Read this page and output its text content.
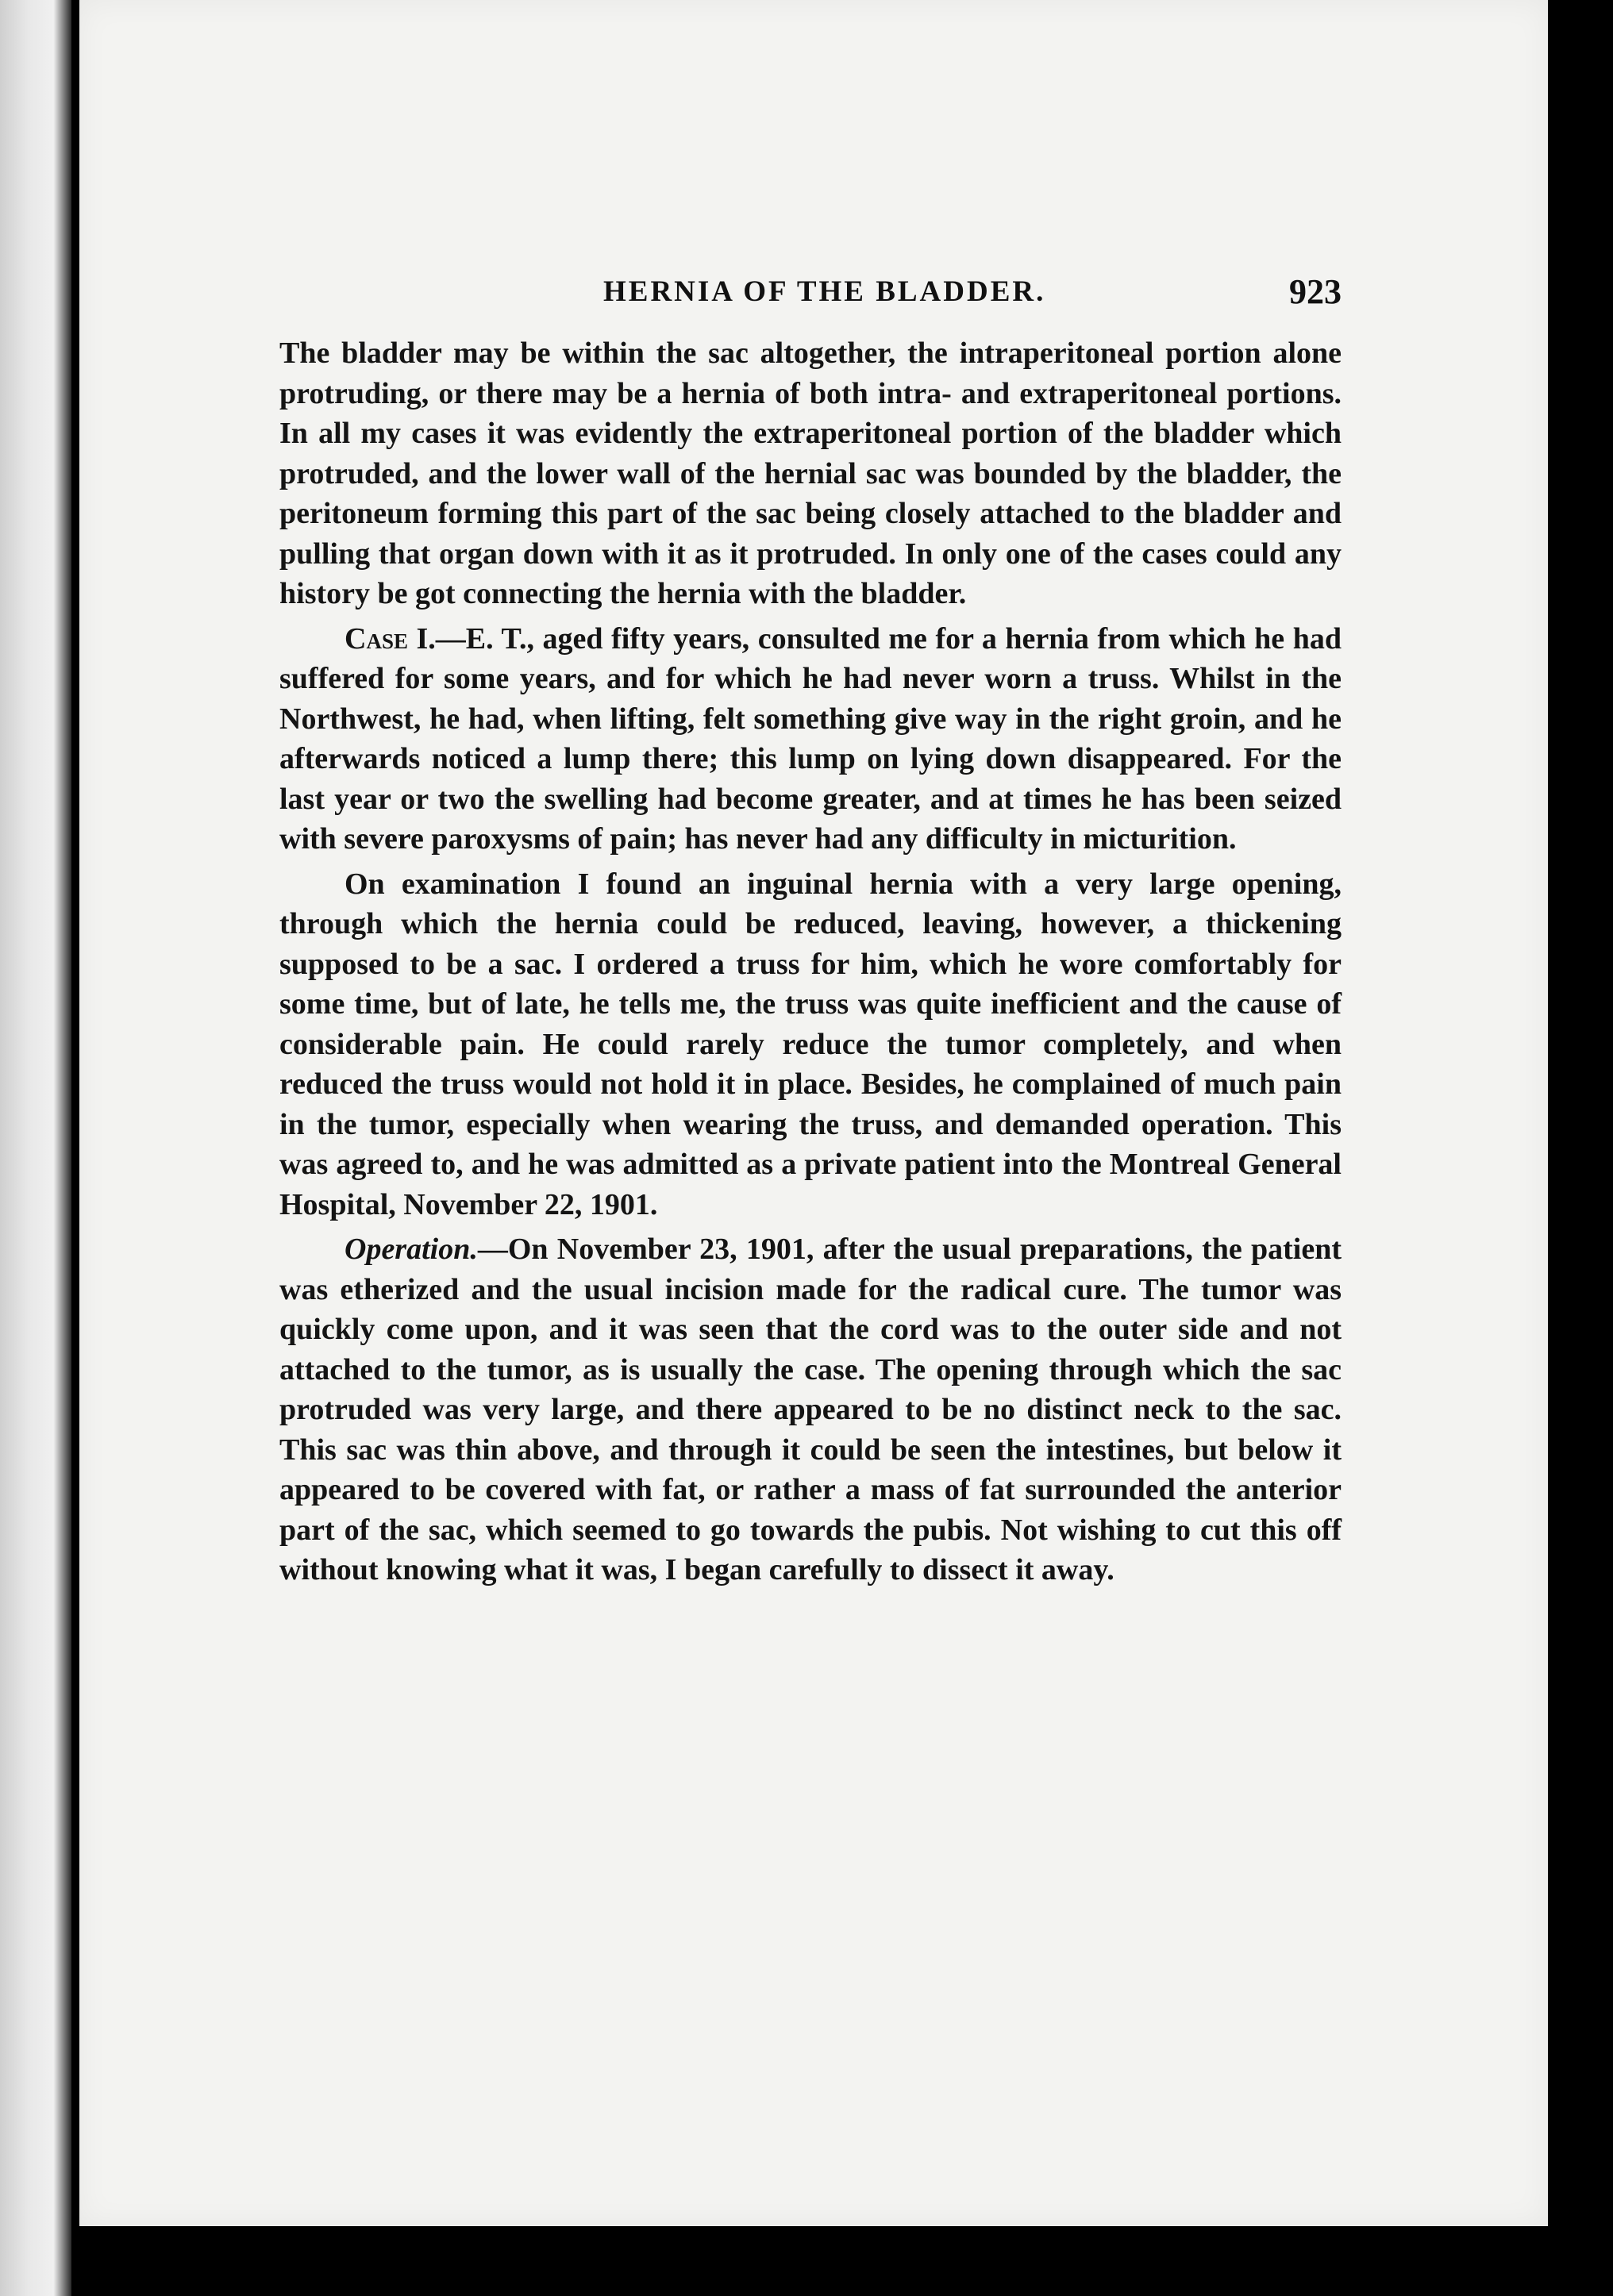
HERNIA OF THE BLADDER.	923

The bladder may be within the sac altogether, the intraperitoneal portion alone protruding, or there may be a hernia of both intra- and extraperitoneal portions. In all my cases it was evidently the extraperitoneal portion of the bladder which protruded, and the lower wall of the hernial sac was bounded by the bladder, the peritoneum forming this part of the sac being closely attached to the bladder and pulling that organ down with it as it protruded. In only one of the cases could any history be got connecting the hernia with the bladder.

Case I.—E. T., aged fifty years, consulted me for a hernia from which he had suffered for some years, and for which he had never worn a truss. Whilst in the Northwest, he had, when lifting, felt something give way in the right groin, and he afterwards noticed a lump there; this lump on lying down disappeared. For the last year or two the swelling had become greater, and at times he has been seized with severe paroxysms of pain; has never had any difficulty in micturition.

On examination I found an inguinal hernia with a very large opening, through which the hernia could be reduced, leaving, however, a thickening supposed to be a sac. I ordered a truss for him, which he wore comfortably for some time, but of late, he tells me, the truss was quite inefficient and the cause of considerable pain. He could rarely reduce the tumor completely, and when reduced the truss would not hold it in place. Besides, he complained of much pain in the tumor, especially when wearing the truss, and demanded operation. This was agreed to, and he was admitted as a private patient into the Montreal General Hospital, November 22, 1901.

Operation.—On November 23, 1901, after the usual preparations, the patient was etherized and the usual incision made for the radical cure. The tumor was quickly come upon, and it was seen that the cord was to the outer side and not attached to the tumor, as is usually the case. The opening through which the sac protruded was very large, and there appeared to be no distinct neck to the sac. This sac was thin above, and through it could be seen the intestines, but below it appeared to be covered with fat, or rather a mass of fat surrounded the anterior part of the sac, which seemed to go towards the pubis. Not wishing to cut this off without knowing what it was, I began carefully to dissect it away.
